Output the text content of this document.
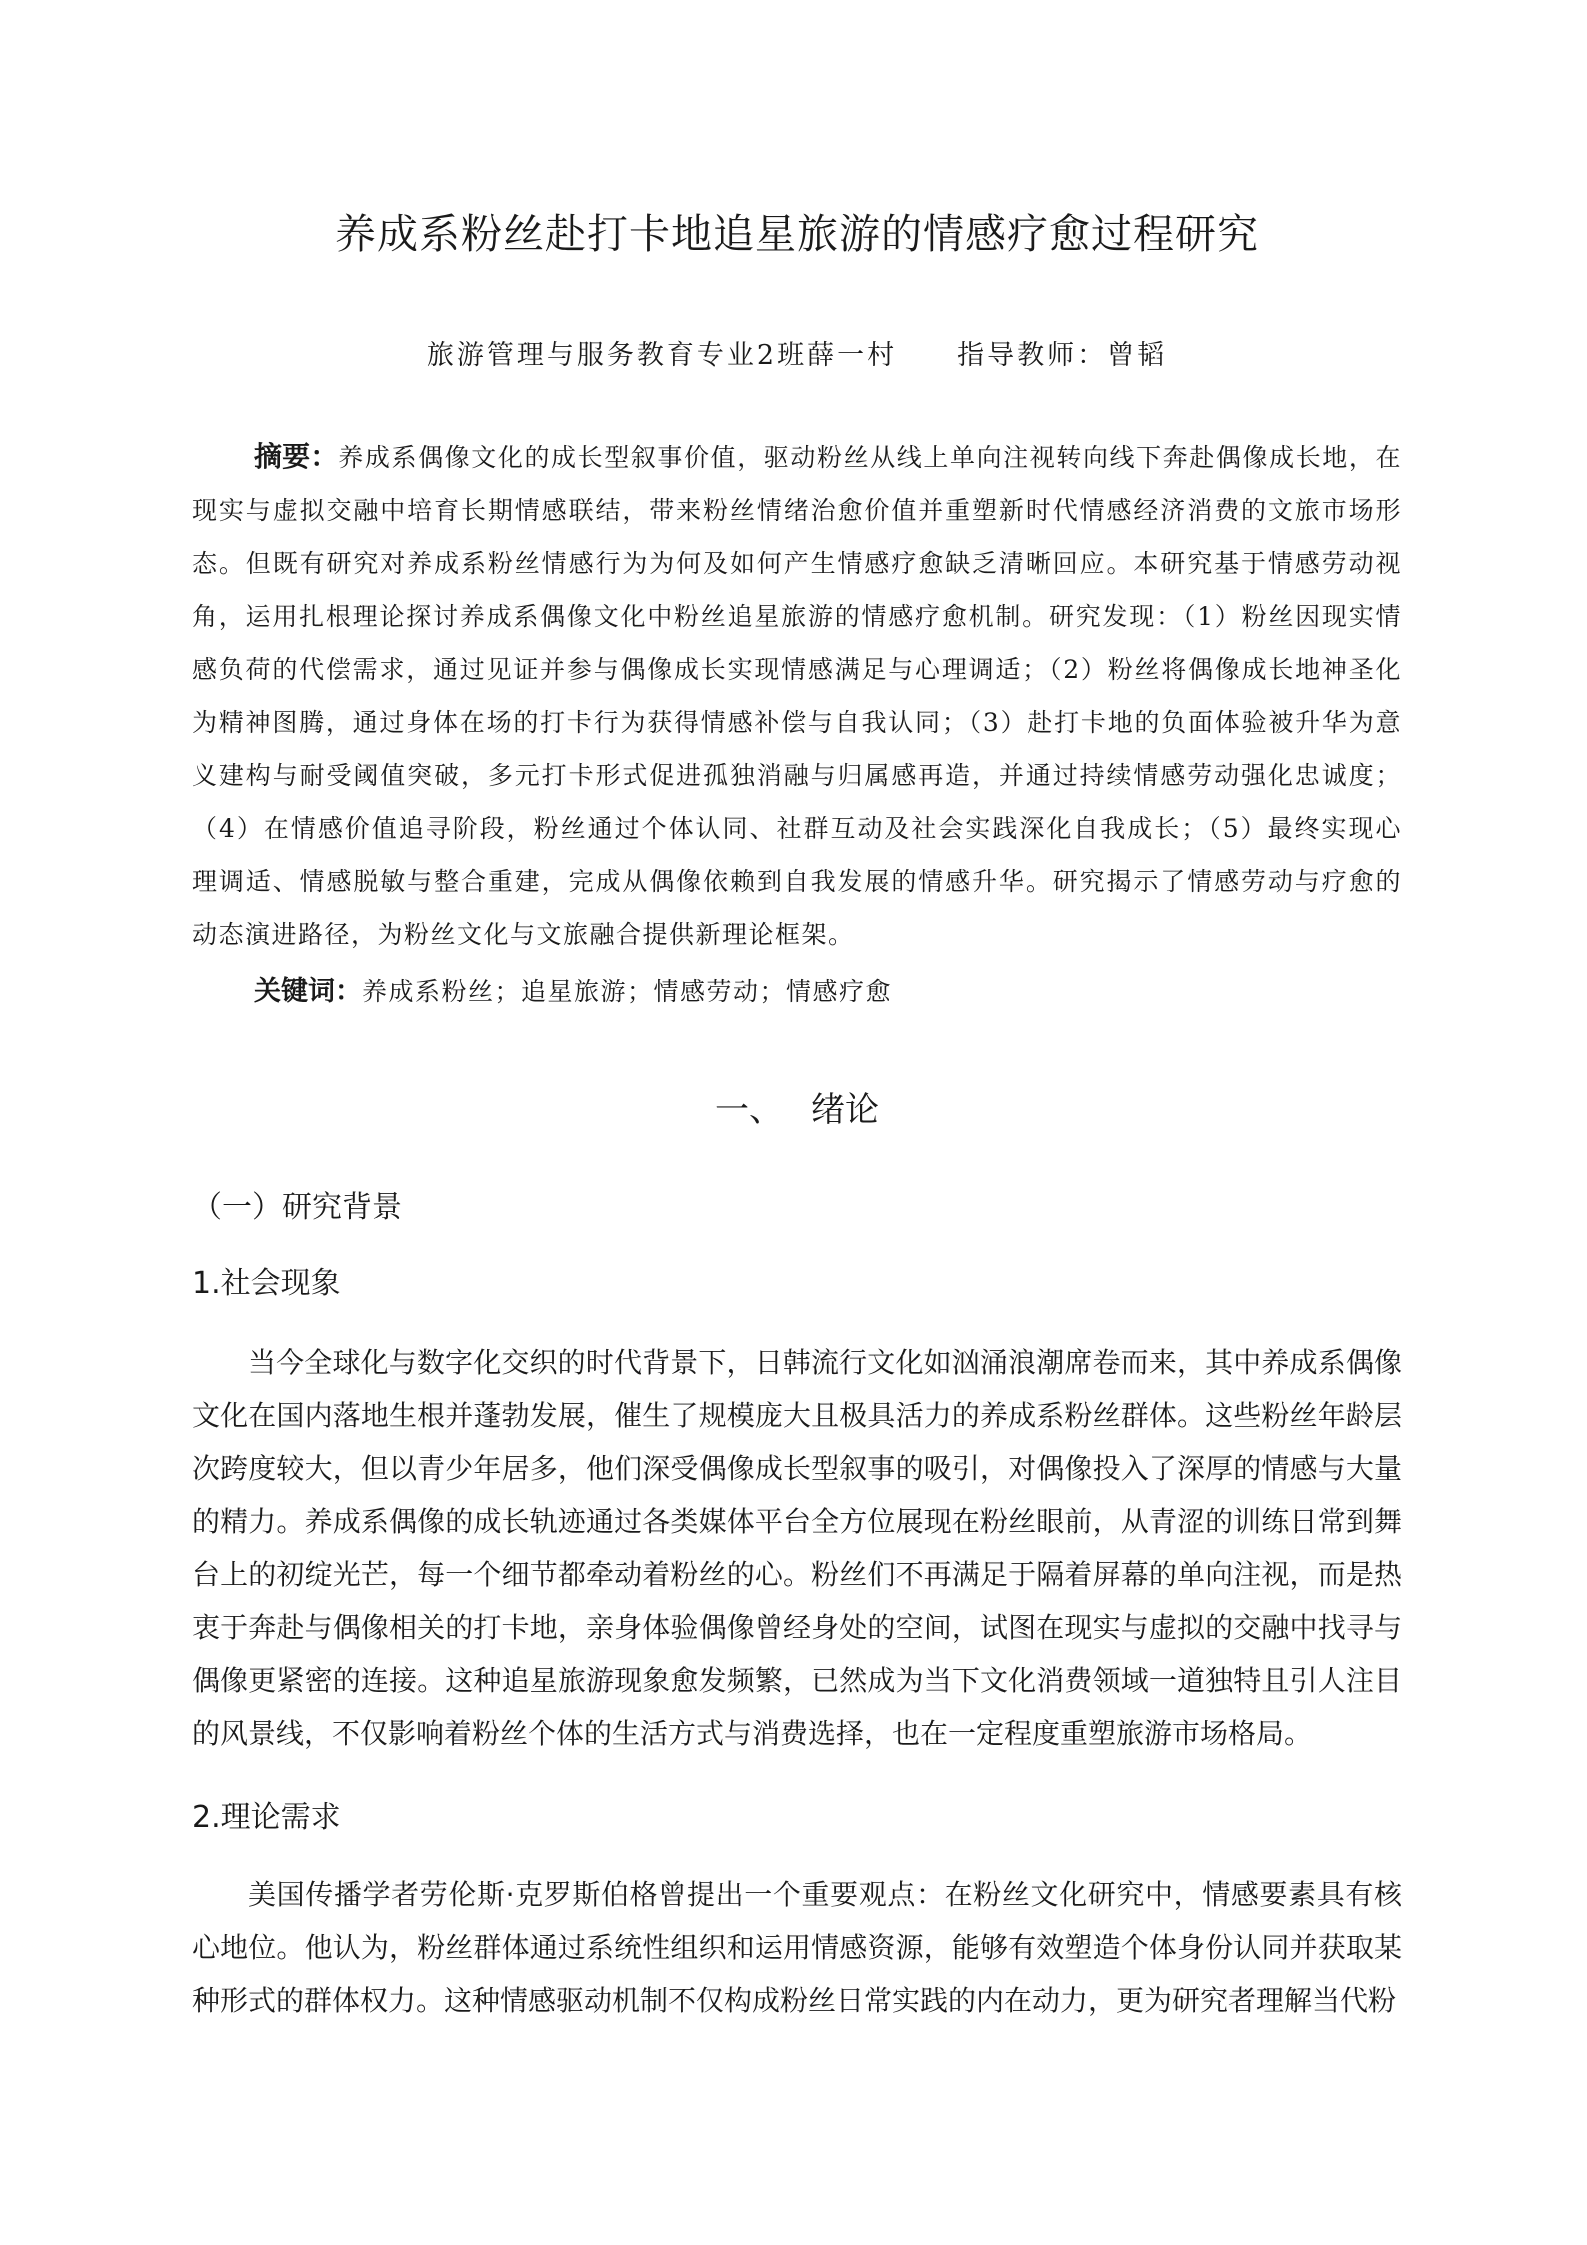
养成系粉丝赴打卡地追星旅游的情感疗愈过程研究
旅游管理与服务教育专业2班薛一村 指导教师：曾韬

摘要：养成系偶像文化的成长型叙事价值，驱动粉丝从线上单向注视转向线下奔赴偶像成长地，在现实与虚拟交融中培育长期情感联结，带来粉丝情绪治愈价值并重塑新时代情感经济消费的文旅市场形态。但既有研究对养成系粉丝情感行为为何及如何产生情感疗愈缺乏清晰回应。本研究基于情感劳动视角，运用扎根理论探讨养成系偶像文化中粉丝追星旅游的情感疗愈机制。研究发现：（1）粉丝因现实情感负荷的代偿需求，通过见证并参与偶像成长实现情感满足与心理调适；（2）粉丝将偶像成长地神圣化为精神图腾，通过身体在场的打卡行为获得情感补偿与自我认同；（3）赴打卡地的负面体验被升华为意义建构与耐受阈值突破，多元打卡形式促进孤独消融与归属感再造，并通过持续情感劳动强化忠诚度；（4）在情感价值追寻阶段，粉丝通过个体认同、社群互动及社会实践深化自我成长；（5）最终实现心理调适、情感脱敏与整合重建，完成从偶像依赖到自我发展的情感升华。研究揭示了情感劳动与疗愈的动态演进路径，为粉丝文化与文旅融合提供新理论框架。

关键词：养成系粉丝；追星旅游；情感劳动；情感疗愈
一、 绪论
（一）研究背景
1.社会现象

当今全球化与数字化交织的时代背景下，日韩流行文化如汹涌浪潮席卷而来，其中养成系偶像文化在国内落地生根并蓬勃发展，催生了规模庞大且极具活力的养成系粉丝群体。这些粉丝年龄层次跨度较大，但以青少年居多，他们深受偶像成长型叙事的吸引，对偶像投入了深厚的情感与大量的精力。养成系偶像的成长轨迹通过各类媒体平台全方位展现在粉丝眼前，从青涩的训练日常到舞台上的初绽光芒，每一个细节都牵动着粉丝的心。粉丝们不再满足于隔着屏幕的单向注视，而是热衷于奔赴与偶像相关的打卡地，亲身体验偶像曾经身处的空间，试图在现实与虚拟的交融中找寻与偶像更紧密的连接。这种追星旅游现象愈发频繁，已然成为当下文化消费领域一道独特且引人注目的风景线，不仅影响着粉丝个体的生活方式与消费选择，也在一定程度重塑旅游市场格局。

2.理论需求

美国传播学者劳伦斯·克罗斯伯格曾提出一个重要观点：在粉丝文化研究中，情感要素具有核心地位。他认为，粉丝群体通过系统性组织和运用情感资源，能够有效塑造个体身份认同并获取某种形式的群体权力。这种情感驱动机制不仅构成粉丝日常实践的内在动力，更为研究者理解当代粉
